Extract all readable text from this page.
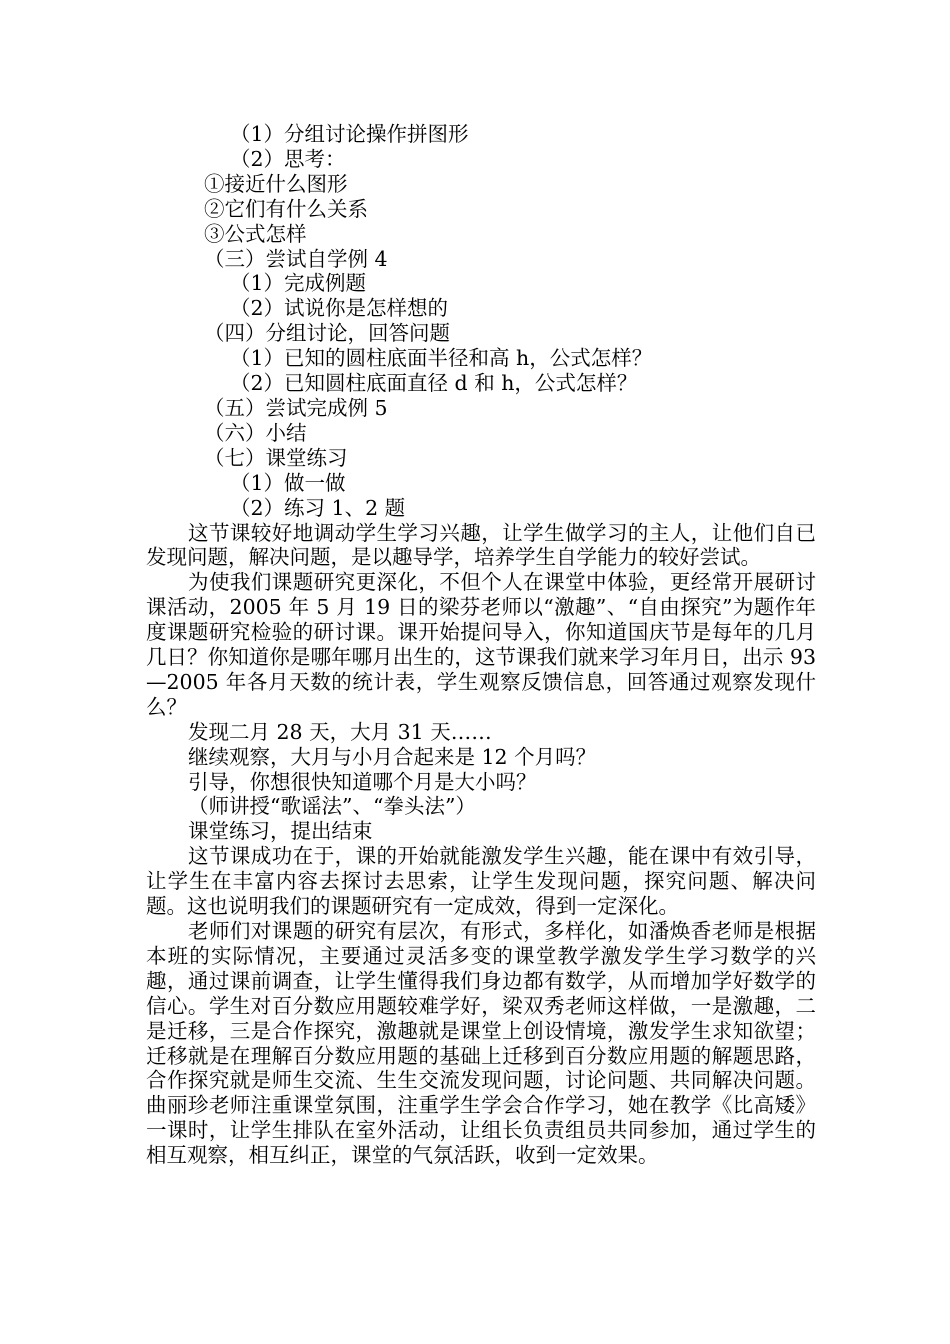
（1）分组讨论操作拼图形

（2）思考：

①接近什么图形

②它们有什么关系

③公式怎样

（三）尝试自学例 4

（1）完成例题

（2）试说你是怎样想的

（四）分组讨论，回答问题

（1）已知的圆柱底面半径和高 h，公式怎样？

（2）已知圆柱底面直径 d 和 h，公式怎样？

（五）尝试完成例 5

（六）小结

（七）课堂练习

（1）做一做

（2）练习 1、2 题

这节课较好地调动学生学习兴趣，让学生做学习的主人，让他们自已发现问题，解决问题，是以趣导学，培养学生自学能力的较好尝试。

为使我们课题研究更深化，不但个人在课堂中体验，更经常开展研讨课活动，2005 年 5 月 19 日的梁芬老师以“激趣”、“自由探究”为题作年度课题研究检验的研讨课。课开始提问导入，你知道国庆节是每年的几月几日？你知道你是哪年哪月出生的，这节课我们就来学习年月日，出示 93—2005 年各月天数的统计表，学生观察反馈信息，回答通过观察发现什么？

发现二月 28 天，大月 31 天……

继续观察，大月与小月合起来是 12 个月吗？

引导，你想很快知道哪个月是大小吗？

（师讲授“歌谣法”、“拳头法”）

课堂练习，提出结束

这节课成功在于，课的开始就能激发学生兴趣，能在课中有效引导，让学生在丰富内容去探讨去思索，让学生发现问题，探究问题、解决问题。这也说明我们的课题研究有一定成效，得到一定深化。

老师们对课题的研究有层次，有形式，多样化，如潘焕香老师是根据本班的实际情况，主要通过灵活多变的课堂教学激发学生学习数学的兴趣，通过课前调查，让学生懂得我们身边都有数学，从而增加学好数学的信心。学生对百分数应用题较难学好，梁双秀老师这样做，一是激趣，二是迁移，三是合作探究，激趣就是课堂上创设情境，激发学生求知欲望；迁移就是在理解百分数应用题的基础上迁移到百分数应用题的解题思路，合作探究就是师生交流、生生交流发现问题，讨论问题、共同解决问题。曲丽珍老师注重课堂氛围，注重学生学会合作学习，她在教学《比高矮》一课时，让学生排队在室外活动，让组长负责组员共同参加，通过学生的相互观察，相互纠正，课堂的气氛活跃，收到一定效果。
